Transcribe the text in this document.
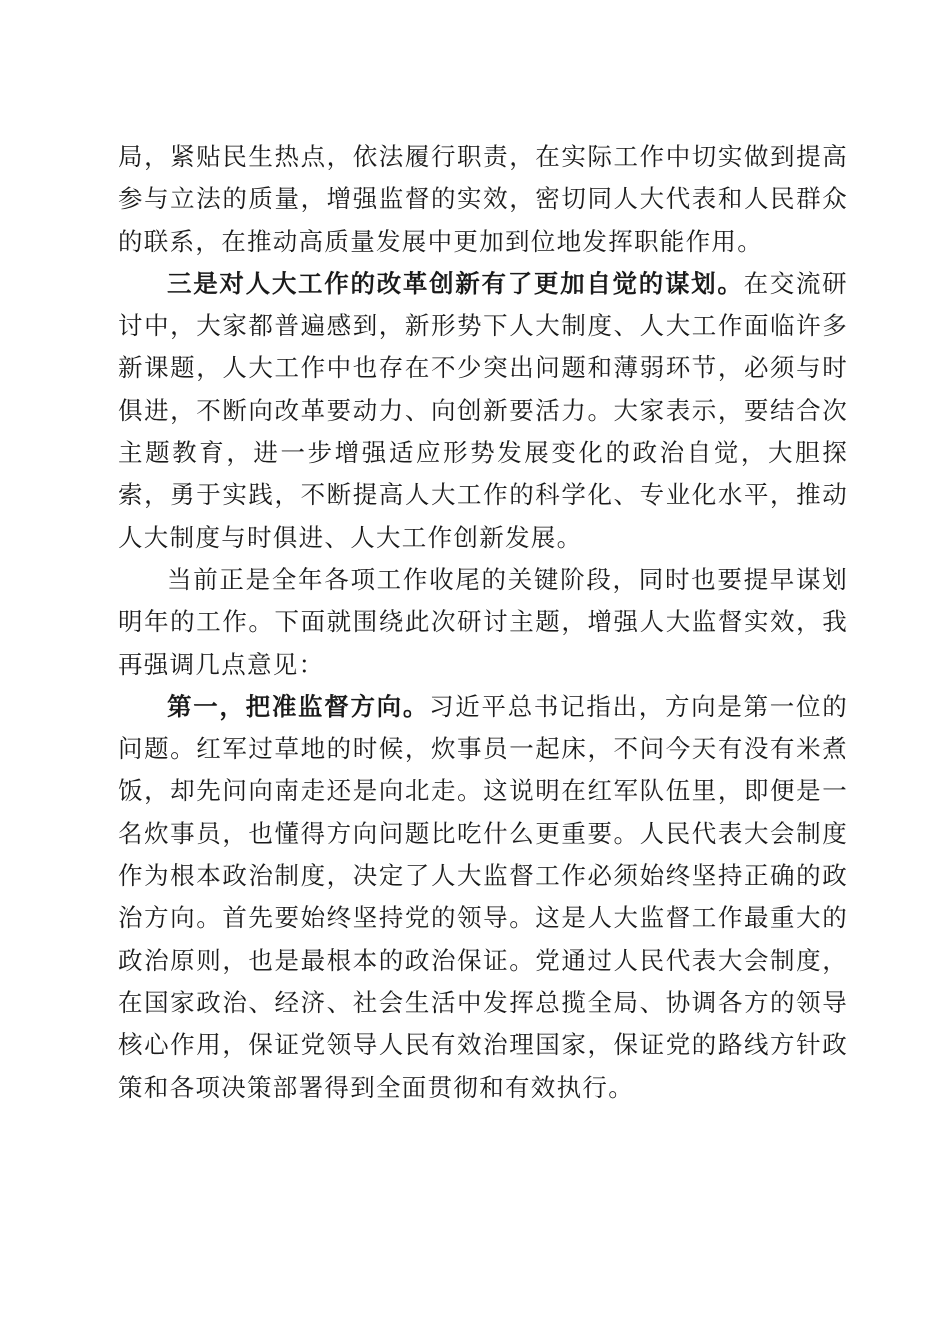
局，紧贴民生热点，依法履行职责，在实际工作中切实做到提高参与立法的质量，增强监督的实效，密切同人大代表和人民群众的联系，在推动高质量发展中更加到位地发挥职能作用。

三是对人大工作的改革创新有了更加自觉的谋划。在交流研讨中，大家都普遍感到，新形势下人大制度、人大工作面临许多新课题，人大工作中也存在不少突出问题和薄弱环节，必须与时俱进，不断向改革要动力、向创新要活力。大家表示，要结合次主题教育，进一步增强适应形势发展变化的政治自觉，大胆探索，勇于实践，不断提高人大工作的科学化、专业化水平，推动人大制度与时俱进、人大工作创新发展。

当前正是全年各项工作收尾的关键阶段，同时也要提早谋划明年的工作。下面就围绕此次研讨主题，增强人大监督实效，我再强调几点意见：

第一，把准监督方向。习近平总书记指出，方向是第一位的问题。红军过草地的时候，炊事员一起床，不问今天有没有米煮饭，却先问向南走还是向北走。这说明在红军队伍里，即便是一名炊事员，也懂得方向问题比吃什么更重要。人民代表大会制度作为根本政治制度，决定了人大监督工作必须始终坚持正确的政治方向。首先要始终坚持党的领导。这是人大监督工作最重大的政治原则，也是最根本的政治保证。党通过人民代表大会制度，在国家政治、经济、社会生活中发挥总揽全局、协调各方的领导核心作用，保证党领导人民有效治理国家，保证党的路线方针政策和各项决策部署得到全面贯彻和有效执行。
